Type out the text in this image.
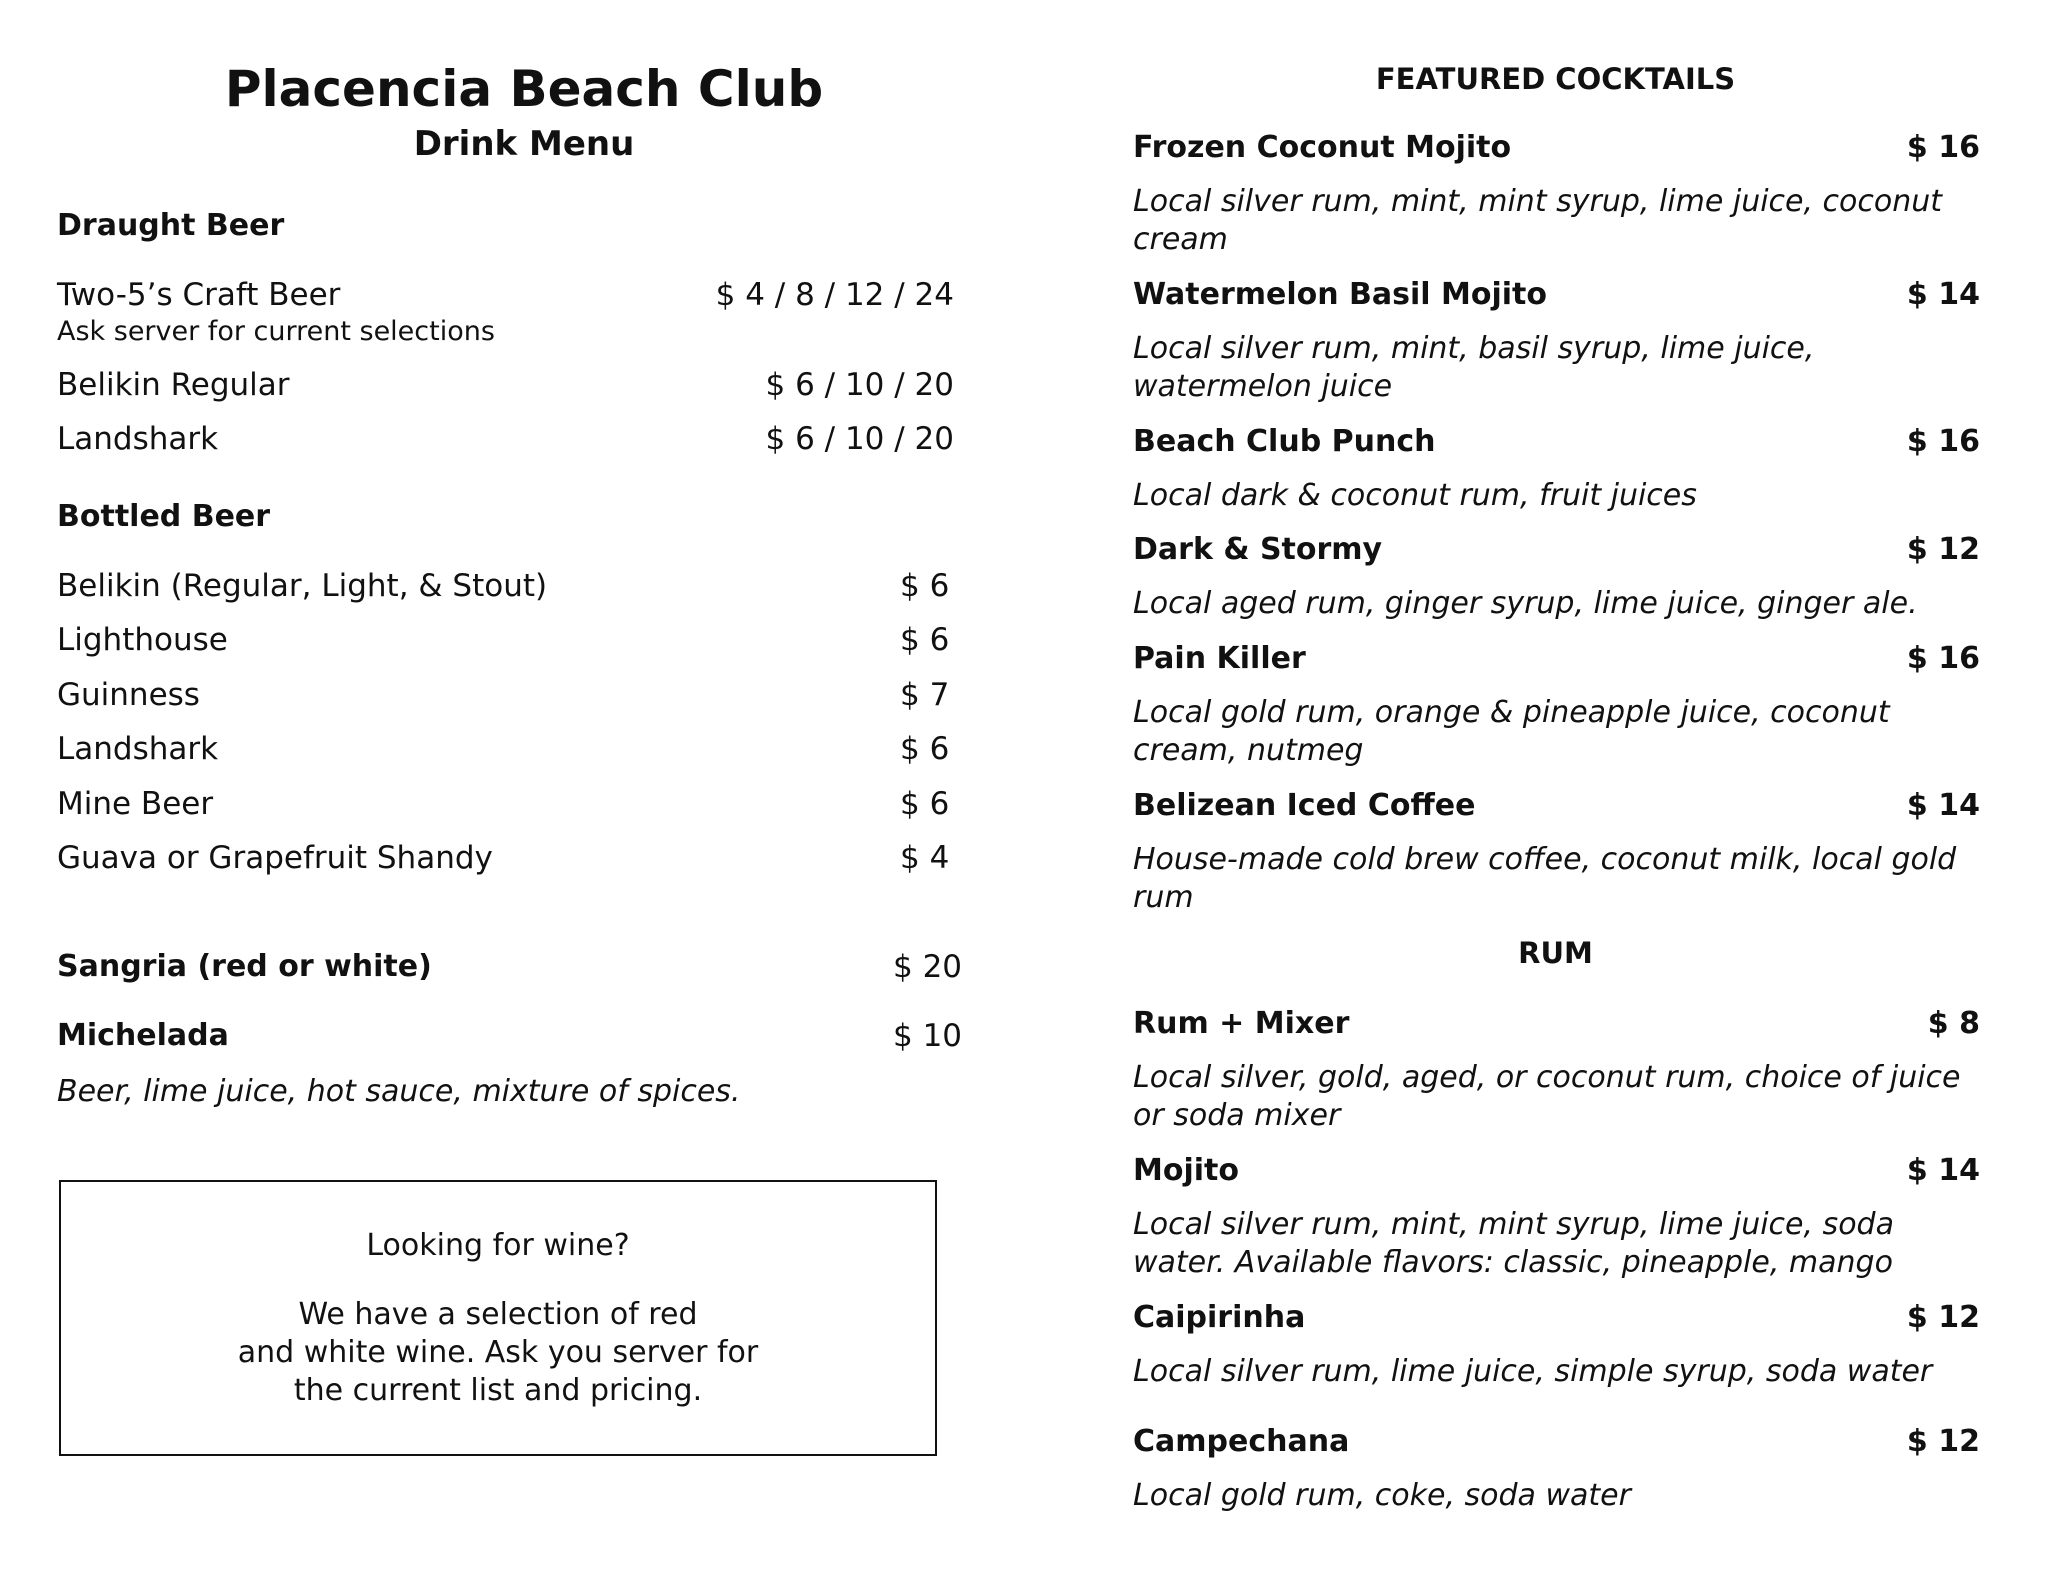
Placencia Beach Club
Drink Menu
Draught Beer
Two-5’s Craft Beer	$ 4 / 8 / 12 / 24
Ask server for current selections
Belikin Regular	$ 6 / 10 / 20
Landshark	$ 6 / 10 / 20
Bottled Beer
Belikin (Regular, Light, & Stout)	$ 6
Lighthouse	$ 6
Guinness	$ 7
Landshark	$ 6
Mine Beer	$ 6
Guava or Grapefruit Shandy	$ 4
Sangria (red or white)	$ 20
Michelada	$ 10
Beer, lime juice, hot sauce, mixture of spices.
Looking for wine?
We have a selection of red
and white wine. Ask you server for
the current list and pricing.
FEATURED COCKTAILS
Frozen Coconut Mojito	$ 16
Local silver rum, mint, mint syrup, lime juice, coconut cream
Watermelon Basil Mojito	$ 14
Local silver rum, mint, basil syrup, lime juice, watermelon juice
Beach Club Punch	$ 16
Local dark & coconut rum, fruit juices
Dark & Stormy	$ 12
Local aged rum, ginger syrup, lime juice, ginger ale.
Pain Killer	$ 16
Local gold rum, orange & pineapple juice, coconut cream, nutmeg
Belizean Iced Coffee	$ 14
House-made cold brew coffee, coconut milk, local gold rum
RUM
Rum + Mixer	$ 8
Local silver, gold, aged, or coconut rum, choice of juice or soda mixer
Mojito	$ 14
Local silver rum, mint, mint syrup, lime juice, soda water. Available flavors: classic, pineapple, mango
Caipirinha	$ 12
Local silver rum, lime juice, simple syrup, soda water
Campechana	$ 12
Local gold rum, coke, soda water
